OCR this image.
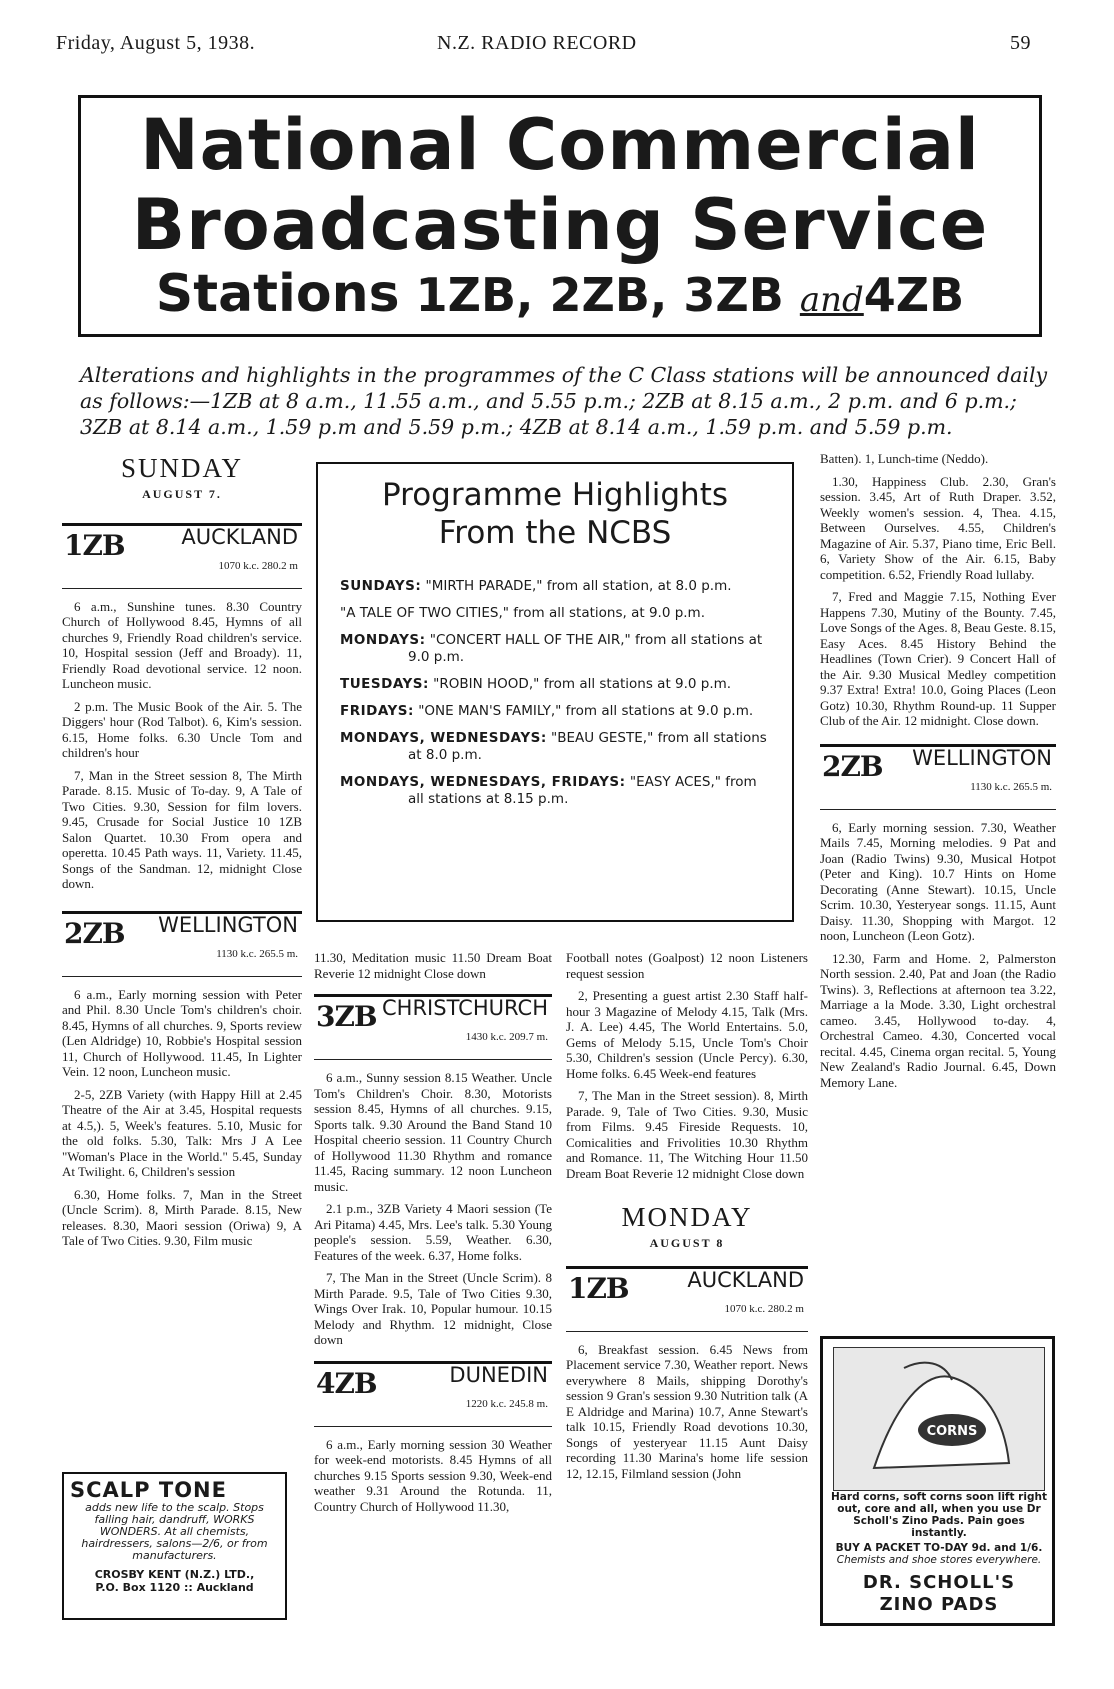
Friday, August 5, 1938.	N.Z. RADIO RECORD	59
National Commercial
Broadcasting Service
Stations 1ZB, 2ZB, 3ZB and4ZB
Alterations and highlights in the programmes of the C Class stations will be announced daily as follows:—1ZB at 8 a.m., 11.55 a.m., and 5.55 p.m.; 2ZB at 8.15 a.m., 2 p.m. and 6 p.m.; 3ZB at 8.14 a.m., 1.59 p.m and 5.59 p.m.; 4ZB at 8.14 a.m., 1.59 p.m. and 5.59 p.m.
SUNDAY
AUGUST 7.
1ZB	AUCKLAND
1070 k.c. 280.2 m

6 a.m., Sunshine tunes. 8.30 Country Church of Hollywood 8.45, Hymns of all churches 9, Friendly Road children's service. 10, Hospital session (Jeff and Broady). 11, Friendly Road devotional service. 12 noon. Luncheon music.

2 p.m. The Music Book of the Air. 5. The Diggers' hour (Rod Talbot). 6, Kim's session. 6.15, Home folks. 6.30 Uncle Tom and children's hour

7, Man in the Street session 8, The Mirth Parade. 8.15. Music of To-day. 9, A Tale of Two Cities. 9.30, Session for film lovers. 9.45, Crusade for Social Justice 10 1ZB Salon Quartet. 10.30 From opera and operetta. 10.45 Path ways. 11, Variety. 11.45, Songs of the Sandman. 12, midnight Close down.

2ZB WELLINGTON
1130 k.c. 265.5 m.

6 a.m., Early morning session with Peter and Phil. 8.30 Uncle Tom's children's choir. 8.45, Hymns of all churches. 9, Sports review (Len Aldridge) 10, Robbie's Hospital session 11, Church of Hollywood. 11.45, In Lighter Vein. 12 noon, Luncheon music.

2-5, 2ZB Variety (with Happy Hill at 2.45 Theatre of the Air at 3.45, Hospital requests at 4.5,). 5, Week's features. 5.10, Music for the old folks. 5.30, Talk: Mrs J A Lee "Woman's Place in the World." 5.45, Sunday At Twilight. 6, Children's session

6.30, Home folks. 7, Man in the Street (Uncle Scrim). 8, Mirth Parade. 8.15, New releases. 8.30, Maori session (Oriwa) 9, A Tale of Two Cities. 9.30, Film music

Programme Highlights
From the NCBS
SUNDAYS: "MIRTH PARADE," from all station, at 8.0 p.m.
"A TALE OF TWO CITIES," from all stations, at 9.0 p.m.
MONDAYS: "CONCERT HALL OF THE AIR," from all stations at 9.0 p.m.
TUESDAYS: "ROBIN HOOD," from all stations at 9.0 p.m.
FRIDAYS: "ONE MAN'S FAMILY," from all stations at 9.0 p.m.
MONDAYS, WEDNESDAYS: "BEAU GESTE," from all stations at 8.0 p.m.
MONDAYS, WEDNESDAYS, FRIDAYS: "EASY ACES," from all stations at 8.15 p.m.

11.30, Meditation music 11.50 Dream Boat Reverie 12 midnight Close down

3ZB CHRISTCHURCH
1430 k.c. 209.7 m.

6 a.m., Sunny session 8.15 Weather. Uncle Tom's Children's Choir. 8.30, Motorists session 8.45, Hymns of all churches. 9.15, Sports talk. 9.30 Around the Band Stand 10 Hospital cheerio session. 11 Country Church of Hollywood 11.30 Rhythm and romance 11.45, Racing summary. 12 noon Luncheon music.

2.1 p.m., 3ZB Variety 4 Maori session (Te Ari Pitama) 4.45, Mrs. Lee's talk. 5.30 Young people's session. 5.59, Weather. 6.30, Features of the week. 6.37, Home folks.

7, The Man in the Street (Uncle Scrim). 8 Mirth Parade. 9.5, Tale of Two Cities 9.30, Wings Over Irak. 10, Popular humour. 10.15 Melody and Rhythm. 12 midnight, Close down

4ZB	DUNEDIN
1220 k.c. 245.8 m.

6 a.m., Early morning session 30 Weather for week-end motorists. 8.45 Hymns of all churches 9.15 Sports session 9.30, Week-end weather 9.31 Around the Rotunda. 11, Country Church of Hollywood 11.30,

Football notes (Goalpost) 12 noon Listeners request session

2, Presenting a guest artist 2.30 Staff half-hour 3 Magazine of Melody 4.15, Talk (Mrs. J. A. Lee) 4.45, The World Entertains. 5.0, Gems of Melody 5.15, Uncle Tom's Choir 5.30, Children's session (Uncle Percy). 6.30, Home folks. 6.45 Week-end features

7, The Man in the Street session). 8, Mirth Parade. 9, Tale of Two Cities. 9.30, Music from Films. 9.45 Fireside Requests. 10, Comicalities and Frivolities 10.30 Rhythm and Romance. 11, The Witching Hour 11.50 Dream Boat Reverie 12 midnight Close down

MONDAY
AUGUST 8
1ZB	AUCKLAND
1070 k.c. 280.2 m

6, Breakfast session. 6.45 News from Placement service 7.30, Weather report. News everywhere 8 Mails, shipping Dorothy's session 9 Gran's session 9.30 Nutrition talk (A E Aldridge and Marina) 10.7, Anne Stewart's talk 10.15, Friendly Road devotions 10.30, Songs of yesteryear 11.15 Aunt Daisy recording 11.30 Marina's home life session 12, 12.15, Filmland session (John

Batten). 1, Lunch-time (Neddo).

1.30, Happiness Club. 2.30, Gran's session. 3.45, Art of Ruth Draper. 3.52, Weekly women's session. 4, Thea. 4.15, Between Ourselves. 4.55, Children's Magazine of Air. 5.37, Piano time, Eric Bell. 6, Variety Show of the Air. 6.15, Baby competition. 6.52, Friendly Road lullaby.

7, Fred and Maggie 7.15, Nothing Ever Happens 7.30, Mutiny of the Bounty. 7.45, Love Songs of the Ages. 8, Beau Geste. 8.15, Easy Aces. 8.45 History Behind the Headlines (Town Crier). 9 Concert Hall of the Air. 9.30 Musical Medley competition 9.37 Extra! Extra! 10.0, Going Places (Leon Gotz) 10.30, Rhythm Round-up. 11 Supper Club of the Air. 12 midnight. Close down.

2ZB WELLINGTON
1130 k.c. 265.5 m.

6, Early morning session. 7.30, Weather Mails 7.45, Morning melodies. 9 Pat and Joan (Radio Twins) 9.30, Musical Hotpot (Peter and King). 10.7 Hints on Home Decorating (Anne Stewart). 10.15, Uncle Scrim. 10.30, Yesteryear songs. 11.15, Aunt Daisy. 11.30, Shopping with Margot. 12 noon, Luncheon (Leon Gotz).

12.30, Farm and Home. 2, Palmerston North session. 2.40, Pat and Joan (the Radio Twins). 3, Reflections at afternoon tea 3.22, Marriage a la Mode. 3.30, Light orchestral cameo. 3.45, Hollywood to-day. 4, Orchestral Cameo. 4.30, Concerted vocal recital. 4.45, Cinema organ recital. 5, Young New Zealand's Radio Journal. 6.45, Down Memory Lane.

SCALP TONE
adds new life to the scalp. Stops falling hair, dandruff, WORKS WONDERS. At all chemists, hairdressers, salons—2/6, or from manufacturers.
CROSBY KENT (N.Z.) LTD.,
P.O. Box 1120 :: Auckland
CORNS
Hard corns, soft corns soon lift right out, core and all, when you use Dr Scholl's Zino Pads. Pain goes instantly.
BUY A PACKET TO-DAY 9d. and 1/6.
Chemists and shoe stores everywhere.
DR. SCHOLL'S
ZINO PADS
